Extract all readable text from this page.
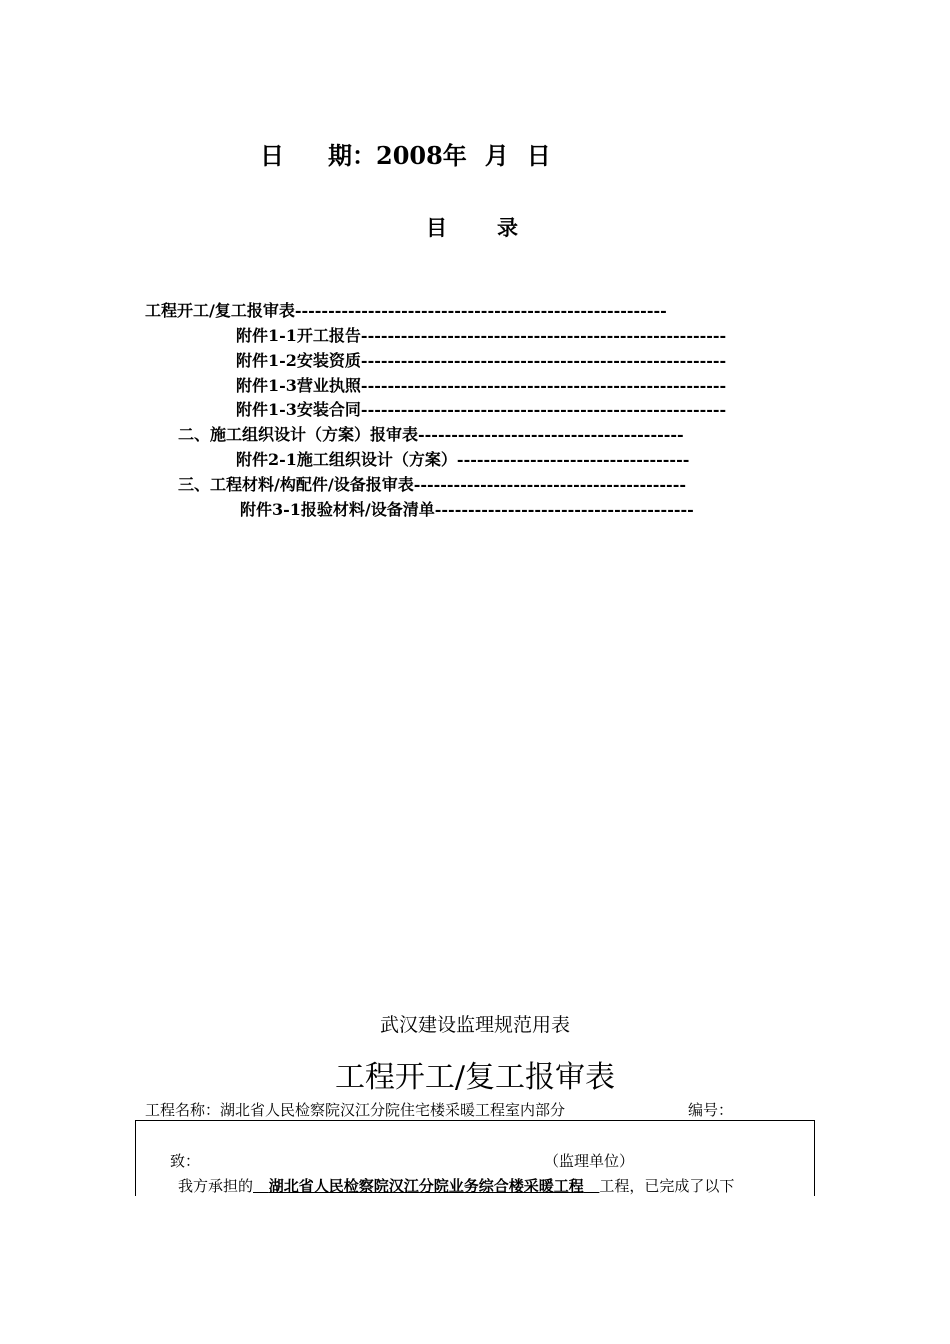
日 期：2008年 月 日
目 录
工程开工/复工报审表--------------------------------------------------------
附件1-1开工报告-------------------------------------------------------
附件1-2安装资质-------------------------------------------------------
附件1-3营业执照-------------------------------------------------------
附件1-3安装合同-------------------------------------------------------
二、施工组织设计（方案）报审表----------------------------------------
附件2-1施工组织设计（方案）-----------------------------------
三、工程材料/构配件/设备报审表-----------------------------------------
附件3-1报验材料/设备清单---------------------------------------
武汉建设监理规范用表
工程开工/复工报审表
工程名称：湖北省人民检察院汉江分院住宅楼采暖工程室内部分	编号：
致：	（监理单位）
我方承担的 湖北省人民检察院汉江分院业务综合楼采暖工程 工程，已完成了以下
